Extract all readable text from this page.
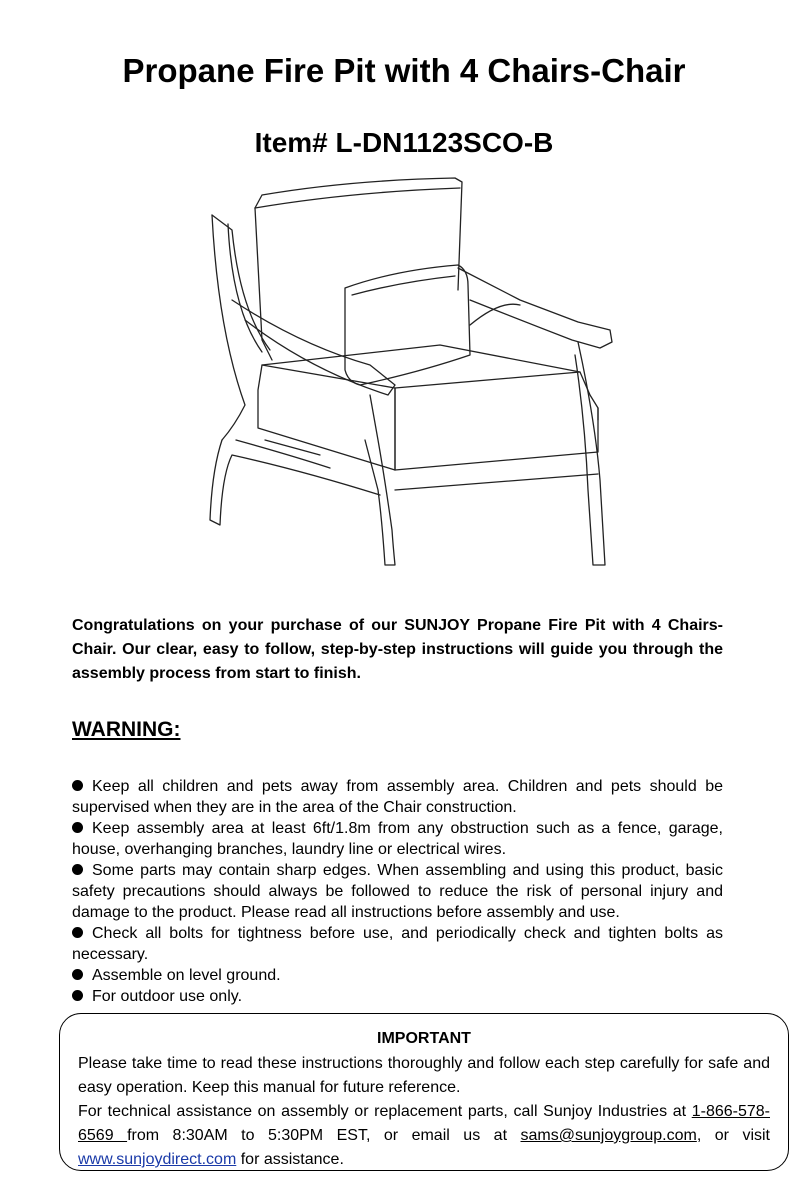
Propane Fire Pit with 4 Chairs-Chair
Item# L-DN1123SCO-B

Congratulations on your purchase of our SUNJOY Propane Fire Pit with 4 Chairs-Chair. Our clear, easy to follow, step-by-step instructions will guide you through the assembly process from start to finish.

WARNING:
Keep all children and pets away from assembly area. Children and pets should be supervised when they are in the area of the Chair construction.
Keep assembly area at least 6ft/1.8m from any obstruction such as a fence, garage, house, overhanging branches, laundry line or electrical wires.
Some parts may contain sharp edges. When assembling and using this product, basic safety precautions should always be followed to reduce the risk of personal injury and damage to the product. Please read all instructions before assembly and use.
Check all bolts for tightness before use, and periodically check and tighten bolts as necessary.
Assemble on level ground.
For outdoor use only.
IMPORTANT

Please take time to read these instructions thoroughly and follow each step carefully for safe and easy operation. Keep this manual for future reference.

For technical assistance on assembly or replacement parts, call Sunjoy Industries at 1-866-578-6569 from 8:30AM to 5:30PM EST, or email us at sams@sunjoygroup.com, or visit www.sunjoydirect.com for assistance.
